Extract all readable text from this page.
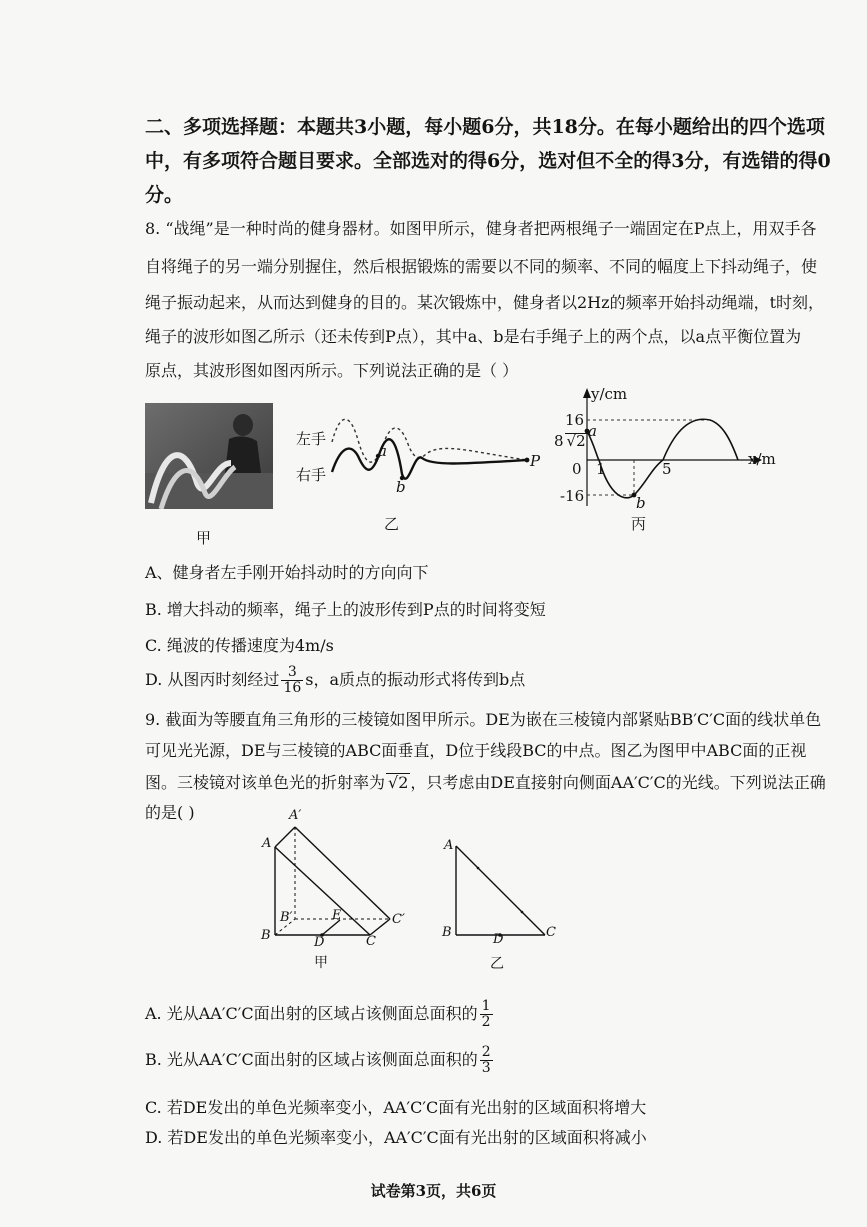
二、多项选择题：本题共3小题，每小题6分，共18分。在每小题给出的四个选项
中，有多项符合题目要求。全部选对的得6分，选对但不全的得3分，有选错的得0
分。
8. “战绳”是一种时尚的健身器材。如图甲所示，健身者把两根绳子一端固定在P点上，用双手各
自将绳子的另一端分别握住，然后根据锻炼的需要以不同的频率、不同的幅度上下抖动绳子，使
绳子振动起来，从而达到健身的目的。某次锻炼中，健身者以2Hz的频率开始抖动绳端，t时刻，
绳子的波形如图乙所示（还未传到P点），其中a、b是右手绳子上的两个点，以a点平衡位置为
原点，其波形图如图丙所示。下列说法正确的是（ ）
甲
左手
右手
a
b
P
乙
y/cm
x/m
16
8 √2
a
0 1	5
-16	b
丙
A、健身者左手刚开始抖动时的方向向下
B. 增大抖动的频率，绳子上的波形传到P点的时间将变短
C. 绳波的传播速度为4m/s
D. 从图丙时刻经过 $\frac{3}{16}$ s，a质点的振动形式将传到b点
9. 截面为等腰直角三角形的三棱镜如图甲所示。DE为嵌在三棱镜内部紧贴BB′C′C面的线状单色
可见光光源，DE与三棱镜的ABC面垂直，D位于线段BC的中点。图乙为图甲中ABC面的正视
图。三棱镜对该单色光的折射率为 √2 ，只考虑由DE直接射向侧面AA′C′C的光线。下列说法正确
的是( )	A′
A
B′
B
E	C′
D	C
甲
A
B	D	C
乙
A. 光从AA′C′C面出射的区域占该侧面总面积的 $\frac{1}{2}$
B. 光从AA′C′C面出射的区域占该侧面总面积的 $\frac{2}{3}$
C. 若DE发出的单色光频率变小，AA′C′C面有光出射的区域面积将增大
D. 若DE发出的单色光频率变小，AA′C′C面有光出射的区域面积将减小
试卷第3页，共6页
